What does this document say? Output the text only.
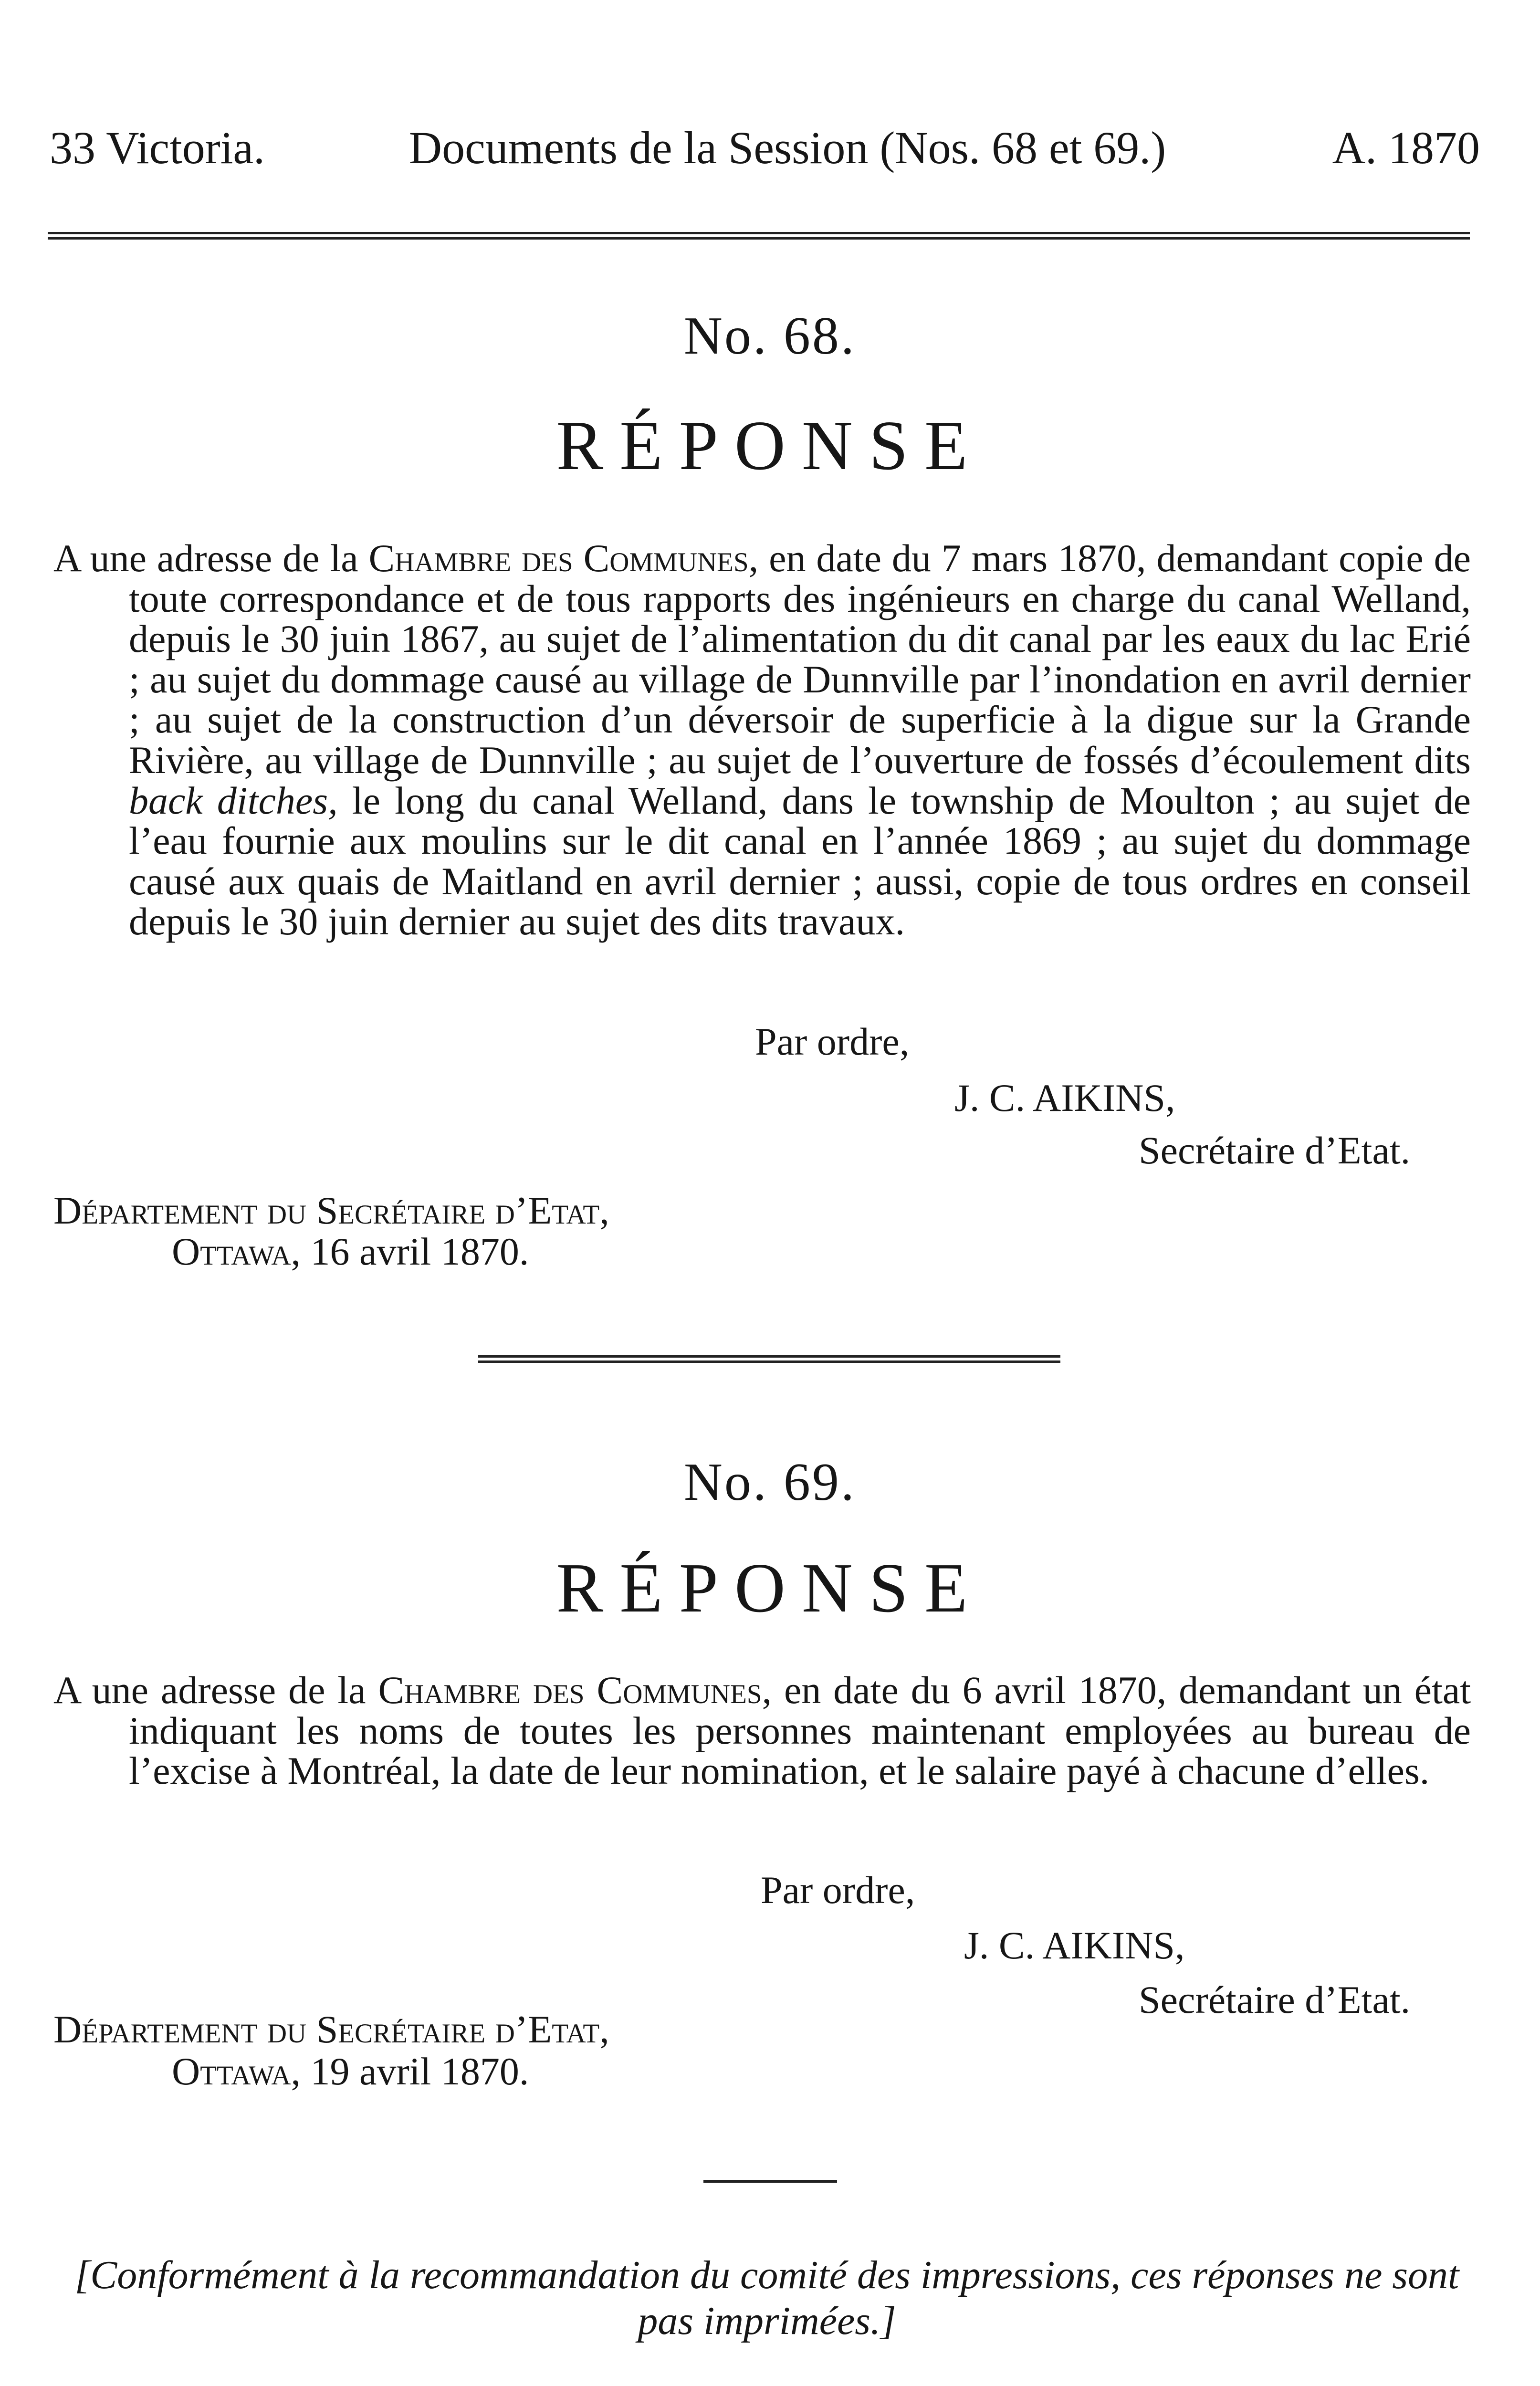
33 Victoria.	Documents de la Session (Nos. 68 et 69.)	A. 1870
No. 68.
RÉPONSE

A une adresse de la Chambre des Communes, en date du 7 mars 1870, demandant copie de toute correspondance et de tous rapports des ingénieurs en charge du canal Welland, depuis le 30 juin 1867, au sujet de l’alimentation du dit canal par les eaux du lac Erié ; au sujet du dommage causé au village de Dunnville par l’inondation en avril dernier ; au sujet de la construction d’un déversoir de superficie à la digue sur la Grande Rivière, au village de Dunnville ; au sujet de l’ouverture de fossés d’écoulement dits back ditches, le long du canal Welland, dans le township de Moulton ; au sujet de l’eau fournie aux moulins sur le dit canal en l’année 1869 ; au sujet du dommage causé aux quais de Maitland en avril dernier ; aussi, copie de tous ordres en conseil depuis le 30 juin dernier au sujet des dits travaux.

Par ordre,
J. C. AIKINS,
Secrétaire d’Etat.
Département du Secrétaire d’Etat,
Ottawa, 16 avril 1870.
No. 69.
RÉPONSE

A une adresse de la Chambre des Communes, en date du 6 avril 1870, demandant un état indiquant les noms de toutes les personnes maintenant employées au bureau de l’excise à Montréal, la date de leur nomination, et le salaire payé à chacune d’elles.

Par ordre,
J. C. AIKINS,
Secrétaire d’Etat.
Département du Secrétaire d’Etat,
Ottawa, 19 avril 1870.

[Conformément à la recommandation du comité des impressions, ces réponses ne sont pas imprimées.]
